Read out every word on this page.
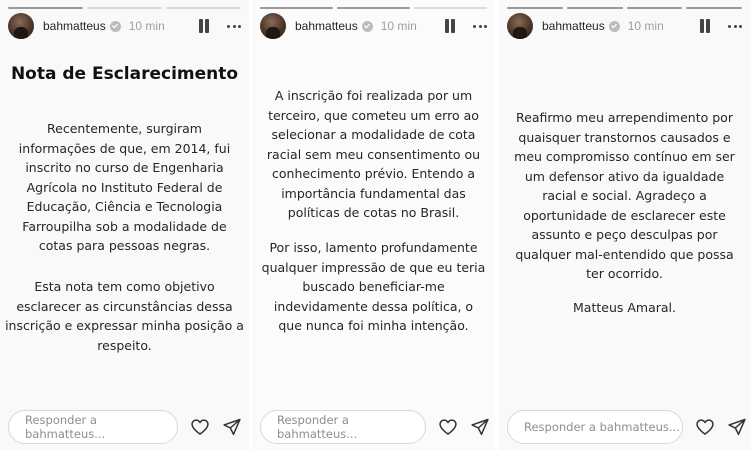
bahmatteus 10 min
Nota de Esclarecimento

Recentemente, surgiram informações de que, em 2014, fui inscrito no curso de Engenharia Agrícola no Instituto Federal de Educação, Ciência e Tecnologia Farroupilha sob a modalidade de cotas para pessoas negras.

Esta nota tem como objetivo esclarecer as circunstâncias dessa inscrição e expressar minha posição a respeito.

Responder a bahmatteus...
bahmatteus 10 min

A inscrição foi realizada por um terceiro, que cometeu um erro ao selecionar a modalidade de cota racial sem meu consentimento ou conhecimento prévio. Entendo a importância fundamental das políticas de cotas no Brasil.

Por isso, lamento profundamente qualquer impressão de que eu teria buscado beneficiar-me indevidamente dessa política, o que nunca foi minha intenção.

Responder a bahmatteus...
bahmatteus 10 min

Reafirmo meu arrependimento por quaisquer transtornos causados e meu compromisso contínuo em ser um defensor ativo da igualdade racial e social. Agradeço a oportunidade de esclarecer este assunto e peço desculpas por qualquer mal-entendido que possa ter ocorrido.

Matteus Amaral.

Responder a bahmatteus...
